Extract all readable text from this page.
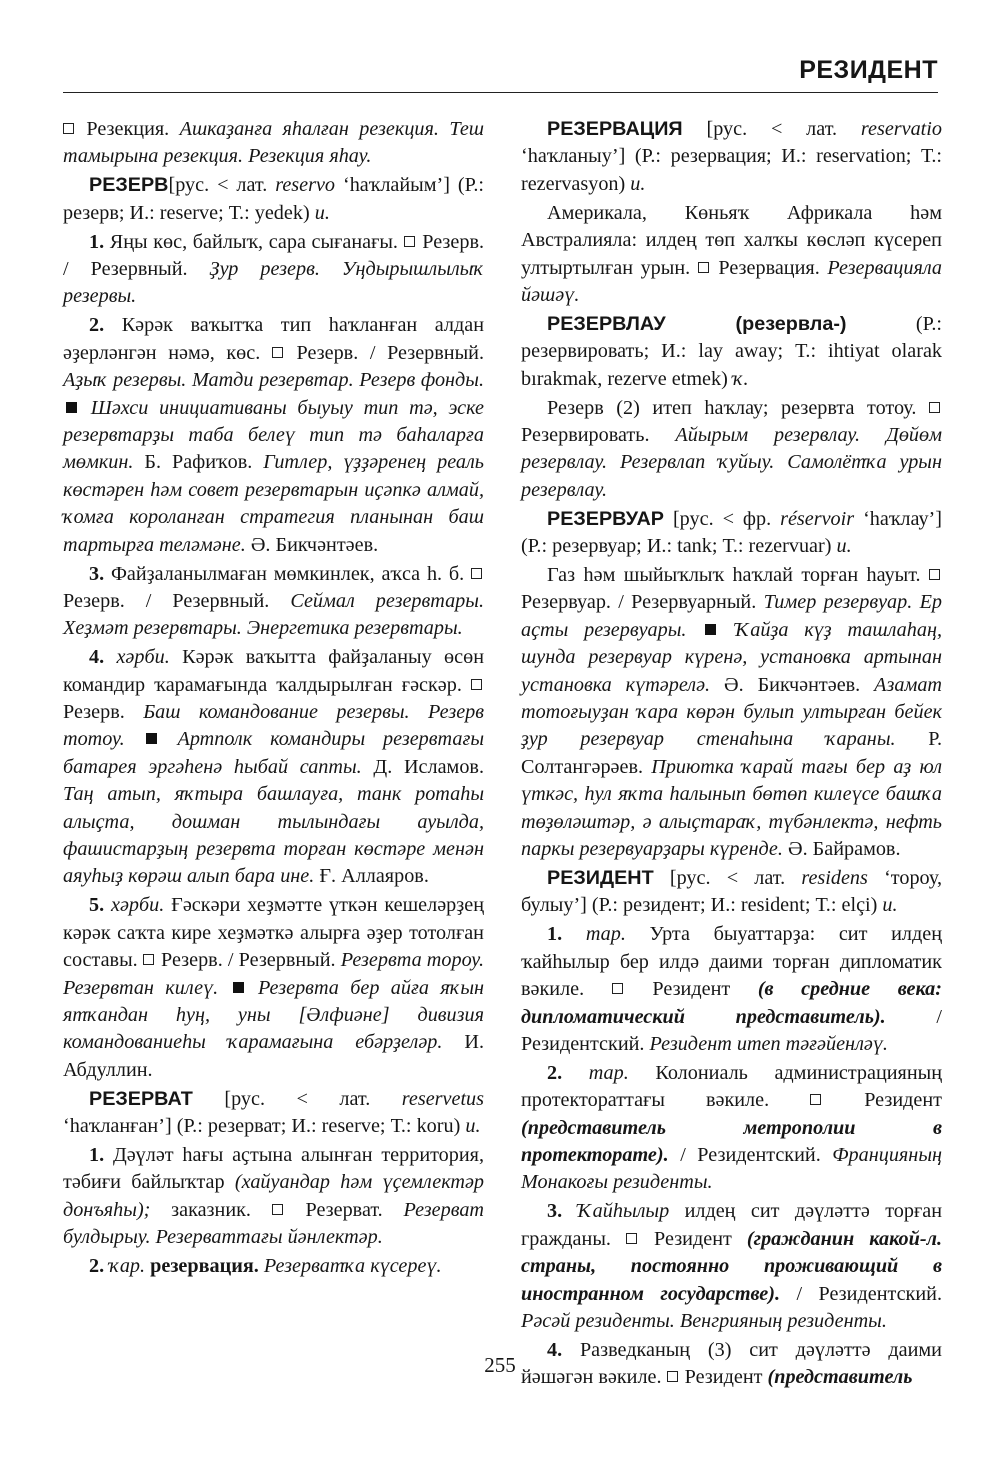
РЕЗИДЕНТ

Резекция. Ашкаҙанға яһалған резекция. Теш тамырына резекция. Резекция яһау.

РЕЗЕРВ[рус. < лат. reservo ‘һаҡлайым’] (Р.: резерв; И.: reserve; Т.: yedek) и.

1. Яңы көс, байлыҡ, сара сығанағы. Резерв. / Резервный. Ҙур резерв. Уңдырышлылыҡ резервы.

2. Кәрәк ваҡытҡа тип һаҡланған алдан әҙерләнгән нәмә, көс. Резерв. / Резервный. Аҙыҡ резервы. Матди резервтар. Резерв фонды.  Шәхси инициативаны быуыу тип тә, эске резервтарҙы таба белеү тип тә баһаларға мөмкин. Б. Рафиҡов. Гитлер, үҙҙәренең реаль көстәрен һәм совет резервтарын иҫәпкә алмай, ҡомға короланған стратегия планынан баш тартырға теләмәне. Ә. Бикчәнтәев.

3. Файҙаланылмаған мөмкинлек, аҡса һ. б.  Резерв. / Резервный. Сеймал резервтары. Хеҙмәт резервтары. Энергетика резервтары.

4. хәрби. Кәрәк ваҡытта файҙаланыу өсөн командир ҡарамағында ҡалдырылған ғәскәр.  Резерв. Баш командование резервы. Резерв тотоу.	Артполк командиры резервтағы батарея эргәһенә һыбай сапты. Д. Исламов. Таң атып, яҡтыра башлауға, танк ротаһы алыҫта, дошман тылындағы ауылда, фашистарҙың резервта торған көстәре менән аяуһыҙ көрәш алып бара ине. Ғ. Аллаяров.

5. хәрби. Ғәскәри хеҙмәтте үткән кешеләрҙең кәрәк саҡта кире хеҙмәткә алырға әҙер тотолған составы. Резерв. / Резервный. Резервта тороу. Резервтан килеү. Резервта бер айға яҡын ятҡандан һуң, уны [Әлфиәне] дивизия командованиеһы ҡарамағына ебәрҙеләр. И. Абдуллин.

РЕЗЕРВАТ [рус. < лат. reservetus ‘һаҡланған’] (Р.: резерват; И.: reserve; Т.: koru) и.

1. Дәүләт һағы аҫтына алынған территория, тәбиғи байлыҡтар (хайуандар һәм үҫемлектәр донъяһы); заказник.	Резерват. Резерват булдырыу. Резерваттағы йәнлектәр.

2. ҡар. резервация. Резерватҡа күсереү.

РЕЗЕРВАЦИЯ [рус. < лат. reservatio ‘һаҡланыу’] (Р.: резервация; И.: reservation; Т.: rezervasyon) и.

Америкала, Көньяҡ Африкала һәм Австралияла: илдең төп халҡы көсләп күсереп ултыртылған урын. Резервация. Резервацияла йәшәү.

РЕЗЕРВЛАУ (резервла-) (Р.: резервировать; И.: lay away; Т.: ihtiyat olarak bırakmak, rezerve etmek) ҡ.

Резерв (2) итеп һаҡлау; резервта тотоу.  Резервировать. Айырым резервлау. Дөйөм резервлау. Резервлап ҡуйыу. Самолётҡа урын резервлау.

РЕЗЕРВУАР [рус. < фр. réservoir ‘һаҡлау’] (Р.: резервуар; И.: tank; Т.: rezervuar) и.

Газ һәм шыйыҡлыҡ һаҡлай торған һауыт.  Резервуар. / Резервуарный. Тимер резервуар. Ер аҫты резервуары. Ҡайҙа күҙ ташлаһаң, шунда резервуар күренә, установка артынан установка күтәрелә. Ә. Бикчәнтәев. Азамат тотоғыуҙан ҡара көрән булып ултырған бейек ҙур резервуар стенаһына ҡараны. Р. Солтангәрәев. Приютка ҡарай тағы бер аҙ юл үткәс, һул яҡта һалынып бөтөп килеүсе башҡа төҙөләштәр, ә алыҫтараҡ, түбәнлектә, нефть паркы резервуарҙары күренде. Ә. Байрамов.

РЕЗИДЕНТ [рус. < лат. residens ‘тороу, булыу’] (Р.: резидент; И.: resident; Т.: elçi) и.

1. тар. Урта быуаттарҙа: сит илдең ҡайһылыр бер илдә даими торған дипломатик вәкиле.	Резидент (в средние века: дипломатический представитель).	/ Резидентский. Резидент итеп тәғәйенләү.

2. тар. Колониаль администрацияның протектораттағы вәкиле.	Резидент (представитель метрополии в протекторате). / Резидентский. Францияның Монакоғы резиденты.

3. Ҡайһылыр илдең сит дәүләттә торған гражданы. Резидент (гражданин какой-л. страны, постоянно проживающий в иностранном государстве). / Резидентский. Рәсәй резиденты. Венгрияның резиденты.

4. Разведканың (3) сит дәүләттә даими йәшәгән вәкиле. Резидент (представитель

255
